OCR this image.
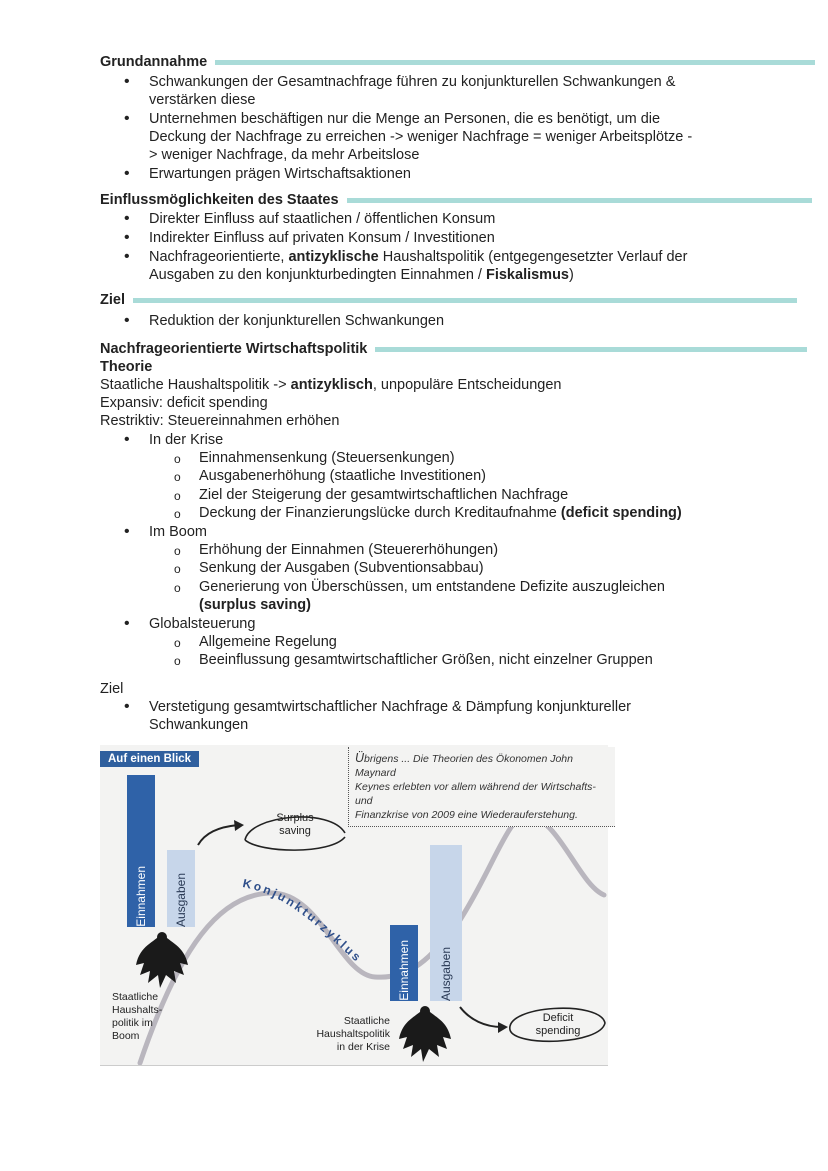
Grundannahme
• Schwankungen der Gesamtnachfrage führen zu konjunkturellen Schwankungen &
verstärken diese
• Unternehmen beschäftigen nur die Menge an Personen, die es benötigt, um die
Deckung der Nachfrage zu erreichen -> weniger Nachfrage = weniger Arbeitsplötze -
> weniger Nachfrage, da mehr Arbeitslose
• Erwartungen prägen Wirtschaftsaktionen
Einflussmöglichkeiten des Staates
• Direkter Einfluss auf staatlichen / öffentlichen Konsum
• Indirekter Einfluss auf privaten Konsum / Investitionen
• Nachfrageorientierte, antizyklische Haushaltspolitik (entgegengesetzter Verlauf der
Ausgaben zu den konjunkturbedingten Einnahmen / Fiskalismus)
Ziel
• Reduktion der konjunkturellen Schwankungen
Nachfrageorientierte Wirtschaftspolitik
Theorie
Staatliche Haushaltspolitik -> antizyklisch, unpopuläre Entscheidungen
Expansiv: deficit spending
Restriktiv: Steuereinnahmen erhöhen
• In der Krise
o Einnahmensenkung (Steuersenkungen)
o Ausgabenerhöhung (staatliche Investitionen)
o Ziel der Steigerung der gesamtwirtschaftlichen Nachfrage
o Deckung der Finanzierungslücke durch Kreditaufnahme (deficit spending)
• Im Boom
o Erhöhung der Einnahmen (Steuererhöhungen)
o Senkung der Ausgaben (Subventionsabbau)
o Generierung von Überschüssen, um entstandene Defizite auszugleichen
(surplus saving)
• Globalsteuerung
o Allgemeine Regelung
o Beeinflussung gesamtwirtschaftlicher Größen, nicht einzelner Gruppen
Ziel
• Verstetigung gesamtwirtschaftlicher Nachfrage & Dämpfung konjunktureller
Schwankungen
Konjunkturzyklus
Auf einen Blick	Übrigens ... Die Theorien des Ökonomen John Maynard
Keynes erlebten vor allem während der Wirtschafts- und
Finanzkrise von 2009 eine Wiederauferstehung.
Einnahmen Ausgaben
Einnahmen Ausgaben
Surplus
saving
Deficit
spending
Staatliche
Haushalts-
politik im
Boom
Staatliche
Haushaltspolitik
in der Krise
